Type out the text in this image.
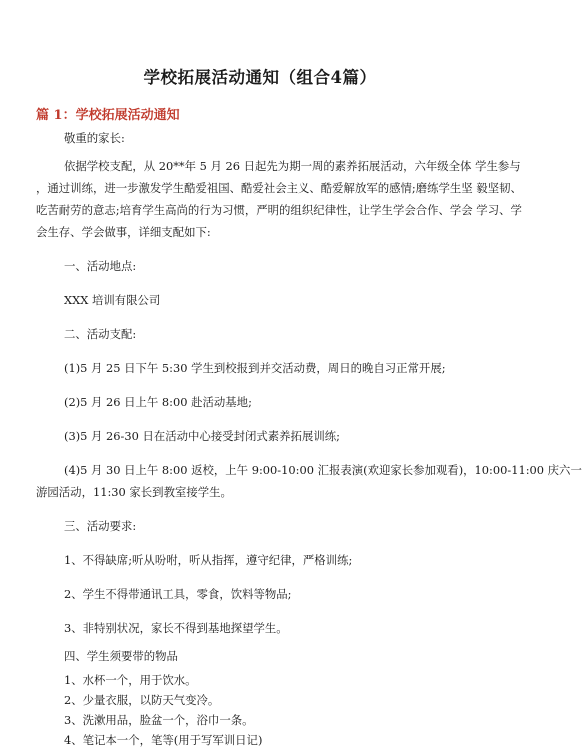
学校拓展活动通知（组合4篇）
篇 1：学校拓展活动通知
敬重的家长:
依据学校支配，从 20**年 5 月 26 日起先为期一周的素养拓展活动，六年级全体 学生参与
，通过训练，进一步激发学生酷爱祖国、酷爱社会主义、酷爱解放军的感情;磨练学生坚 毅坚韧、
吃苦耐劳的意志;培育学生高尚的行为习惯，严明的组织纪律性，让学生学会合作、学会 学习、学
会生存、学会做事，详细支配如下:
一、活动地点:
XXX 培训有限公司
二、活动支配:
(1)5 月 25 日下午 5:30 学生到校报到并交活动费，周日的晚自习正常开展;
(2)5 月 26 日上午 8:00 赴活动基地;
(3)5 月 26-30 日在活动中心接受封闭式素养拓展训练;
(4)5 月 30 日上午 8:00 返校，上午 9:00-10:00 汇报表演(欢迎家长参加观看)，10:00-11:00 庆六一
游园活动，11:30 家长到教室接学生。
三、活动要求:
1、不得缺席;听从吩咐，听从指挥，遵守纪律，严格训练;
2、学生不得带通讯工具，零食，饮料等物品;
3、非特别状况，家长不得到基地探望学生。
四、学生须要带的物品
1、水杯一个，用于饮水。
2、少量衣服，以防天气变冷。
3、洗漱用品，脸盆一个，浴巾一条。
4、笔记本一个，笔等(用于写军训日记)
